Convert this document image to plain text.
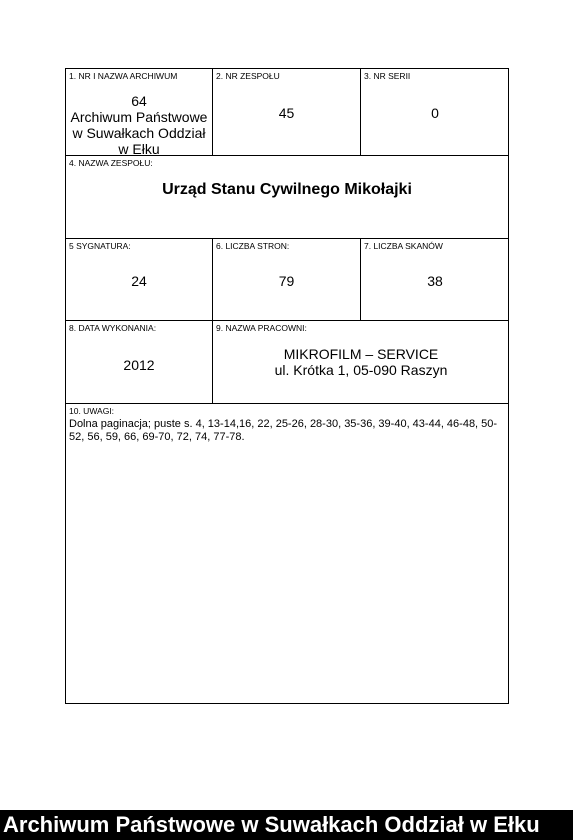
1. NR I NAZWA ARCHIWUM
64
Archiwum Państwowe
w Suwałkach Oddział
w Ełku
2. NR ZESPOŁU
45
3. NR SERII
0
4. NAZWA ZESPOŁU:
Urząd Stanu Cywilnego Mikołajki
5 SYGNATURA:
24
6. LICZBA STRON:
79
7. LICZBA SKANÓW
38
8. DATA WYKONANIA:
2012
9. NAZWA PRACOWNI:
MIKROFILM – SERVICE
ul. Krótka 1, 05-090 Raszyn
10. UWAGI:
Dolna paginacja; puste s. 4, 13-14,16, 22, 25-26, 28-30, 35-36, 39-40, 43-44, 46-48, 50-52, 56, 59, 66, 69-70, 72, 74, 77-78.
Archiwum Państwowe w Suwałkach Oddział w Ełku
